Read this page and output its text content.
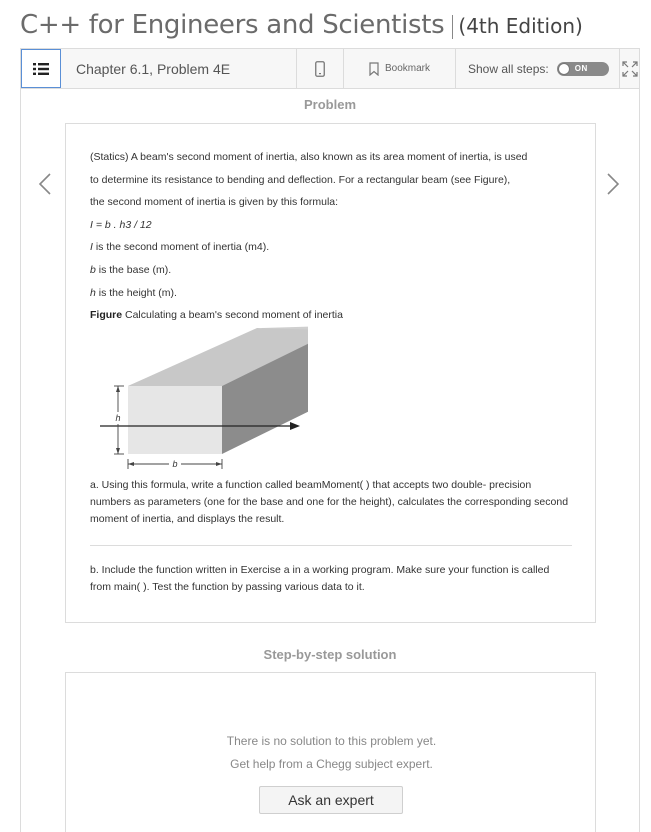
C++ for Engineers and Scientists (4th Edition)
Chapter 6.1, Problem 4E	Bookmark	Show all steps:	ON
Problem

(Statics) A beam's second moment of inertia, also known as its area moment of inertia, is used

to determine its resistance to bending and deflection. For a rectangular beam (see Figure),

the second moment of inertia is given by this formula:

I = b . h3 / 12

I is the second moment of inertia (m4).

b is the base (m).

h is the height (m).

Figure Calculating a beam's second moment of inertia

h
b
a. Using this formula, write a function called beamMoment( ) that accepts two double- precision numbers as parameters (one for the base and one for the height), calculates the corresponding second moment of inertia, and displays the result.
b. Include the function written in Exercise a in a working program. Make sure your function is called from main( ). Test the function by passing various data to it.
Step-by-step solution
There is no solution to this problem yet.
Get help from a Chegg subject expert.
Ask an expert
